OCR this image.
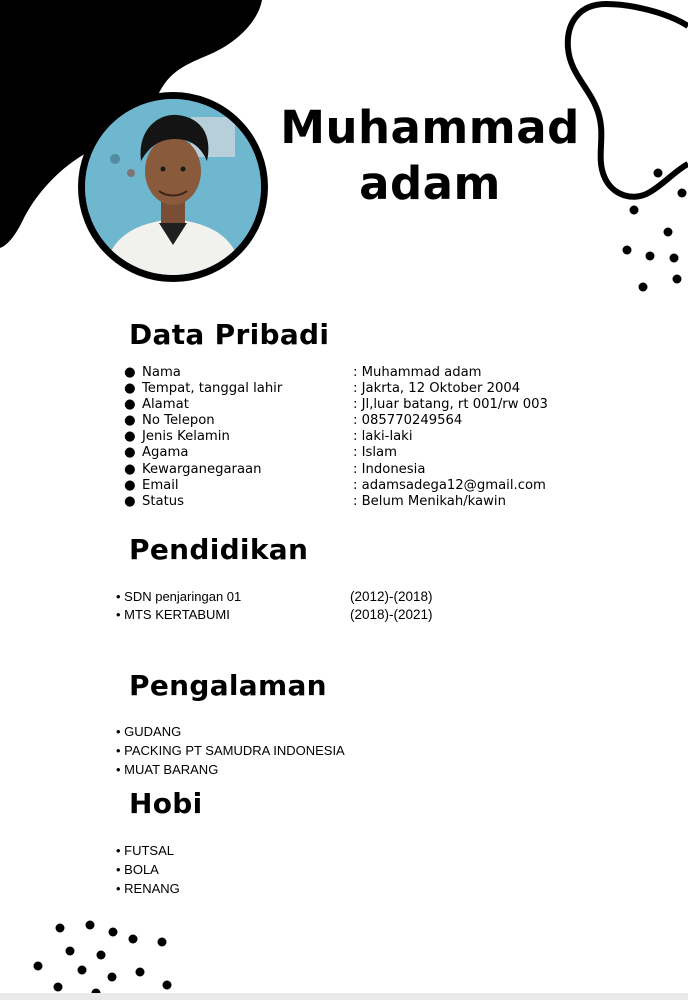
Muhammad
adam
Data Pribadi
● Nama	: Muhammad adam
● Tempat, tanggal lahir	: Jakrta, 12 Oktober 2004
● Alamat	: Jl,luar batang, rt 001/rw 003
● No Telepon	: 085770249564
● Jenis Kelamin	: laki-laki
● Agama	: Islam
● Kewarganegaraan	: Indonesia
● Email	: adamsadega12@gmail.com
● Status	: Belum Menikah/kawin
Pendidikan
• SDN penjaringan 01	(2012)-(2018)
• MTS KERTABUMI	(2018)-(2021)
Pengalaman
• GUDANG
• PACKING PT SAMUDRA INDONESIA
• MUAT BARANG
Hobi
• FUTSAL
• BOLA
• RENANG
